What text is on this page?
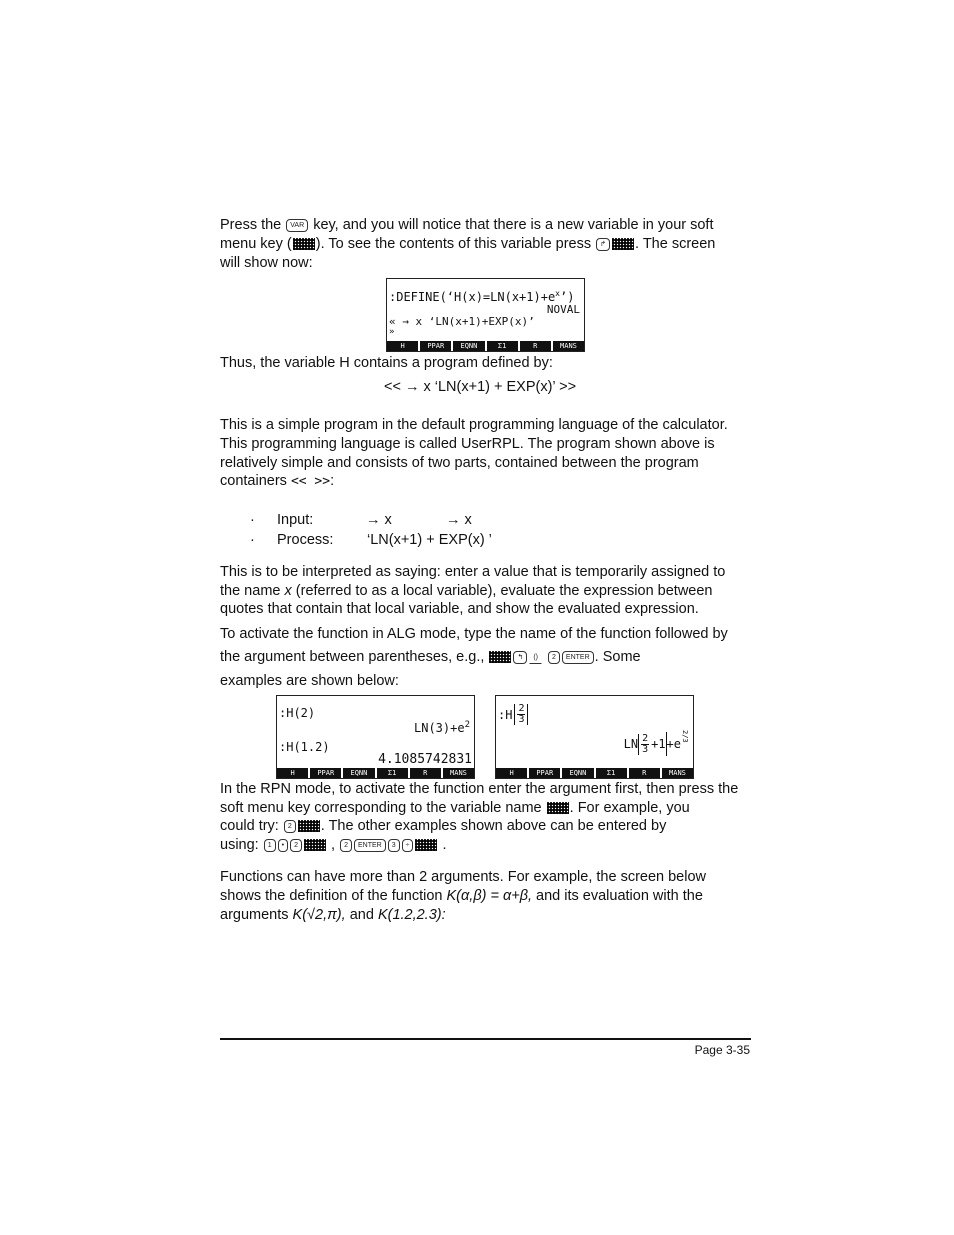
Press the VAR key, and you will notice that there is a new variable in your soft
menu key ( ). To see the contents of this variable press ↱ . The screen
will show now:
$:DEFINE(‘H(x)=LN(x+1)+e^x’)$
NOVAL
« → x ‘LN(x+1)+EXP(x)’
»
H	PPAR	EQNN	Σ1	R	MANS
Thus, the variable H contains a program defined by:
<< → x ‘LN(x+1) + EXP(x)’ >>
This is a simple program in the default programming language of the calculator.
This programming language is called UserRPL. The program shown above is
relatively simple and consists of two parts, contained between the program
containers << >>:
· Input:	→ x	→ x
· Process: ‘LN(x+1) + EXP(x) ’
This is to be interpreted as saying: enter a value that is temporarily assigned to
the name x (referred to as a local variable), evaluate the expression between
quotes that contain that local variable, and show the evaluated expression.
To activate the function in ALG mode, type the name of the function followed by
the argument between parentheses, e.g.,	↰ () 2 ENTER . Some
examples are shown below:
:H(2)
$LN(3)+e^2$
:H(1.2)
4.1085742831
H	PPAR	EQNN	Σ1	R	MANS
:H 2
3
LN 2
3 +1 +e
2/3
H	PPAR	EQNN	Σ1	R	MANS
In the RPN mode, to activate the function enter the argument first, then press the
soft menu key corresponding to the variable name . For example, you
could try: 2 . The other examples shown above can be entered by
using: 1 • 2 , 2 ENTER 3 ÷ .
Functions can have more than 2 arguments. For example, the screen below
shows the definition of the function K(α,β) = α+β, and its evaluation with the
arguments K(√2,π), and K(1.2,2.3):
Page 3-35
